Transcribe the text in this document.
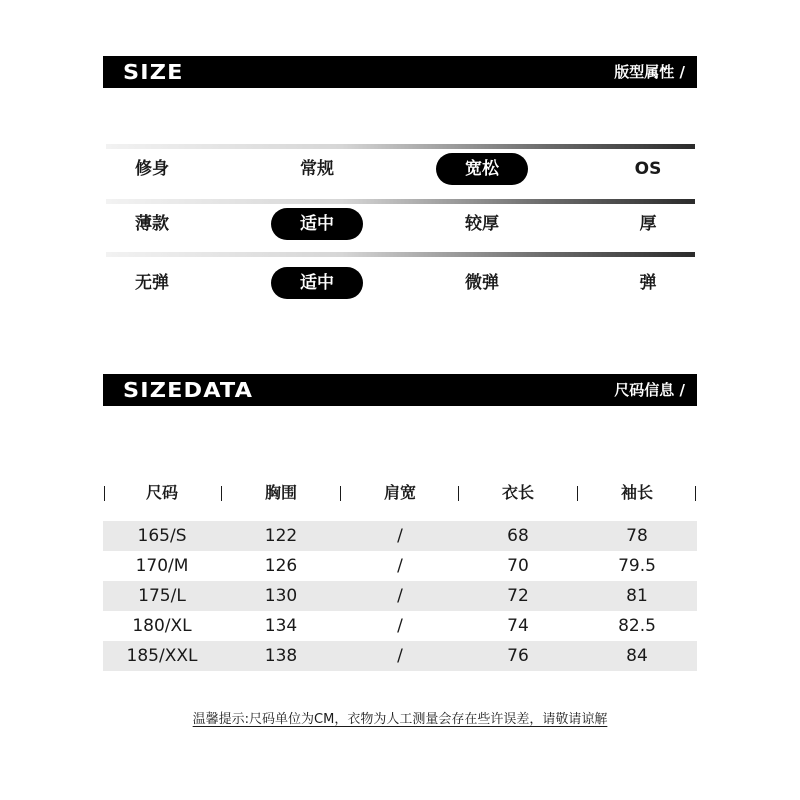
SIZE	版型属性 /
修身	常规	宽松	OS
薄款	适中	较厚	厚
无弹	适中	微弹	弹
SIZEDATA	尺码信息 /
尺码	胸围	肩宽	衣长	袖长
165/S	122	/	68	78
170/M	126	/	70	79.5
175/L	130	/	72	81
180/XL	134	/	74	82.5
185/XXL	138	/	76	84
温馨提示:尺码单位为CM，衣物为人工测量会存在些许误差，请敬请谅解
